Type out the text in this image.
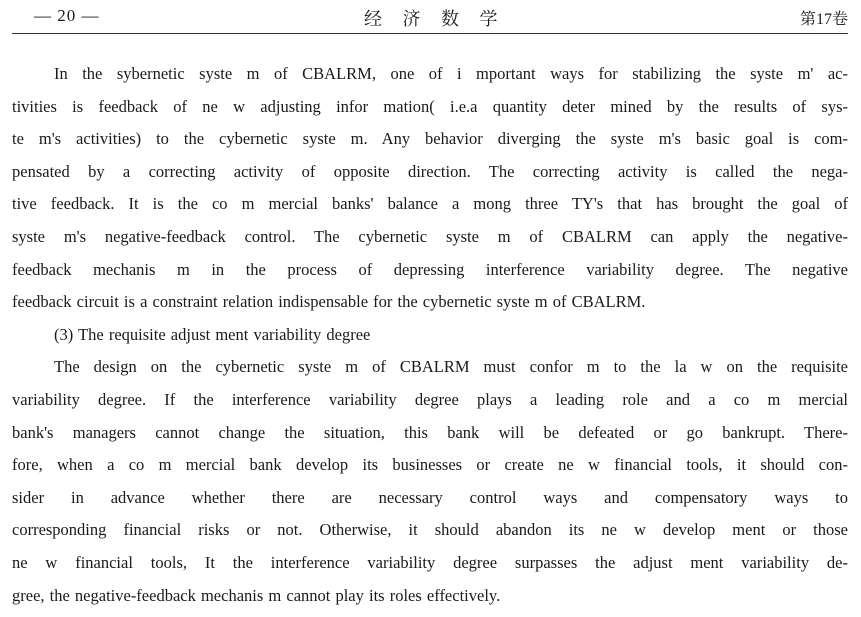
— 20 —	经 济 数 学	第17卷
In the sybernetic syste m of CBALRM, one of i mportant ways for stabilizing the syste m' ac-
tivities is feedback of ne w adjusting infor mation( i.e.a quantity deter mined by the results of sys-
te m's activities) to the cybernetic syste m. Any behavior diverging the syste m's basic goal is com-
pensated by a correcting activity of opposite direction. The correcting activity is called the nega-
tive feedback. It is the co m mercial banks' balance a mong three TY's that has brought the goal of
syste m's negative-feedback control. The cybernetic syste m of CBALRM can apply the negative-
feedback mechanis m in the process of depressing interference variability degree. The negative
feedback circuit is a constraint relation indispensable for the cybernetic syste m of CBALRM.
(3) The requisite adjust ment variability degree
The design on the cybernetic syste m of CBALRM must confor m to the la w on the requisite
variability degree. If the interference variability degree plays a leading role and a co m mercial
bank's managers cannot change the situation, this bank will be defeated or go bankrupt. There-
fore, when a co m mercial bank develop its businesses or create ne w financial tools, it should con-
sider in advance whether there are necessary control ways and compensatory ways to
corresponding financial risks or not. Otherwise, it should abandon its ne w develop ment or those
ne w financial tools, It the interference variability degree surpasses the adjust ment variability de-
gree, the negative-feedback mechanis m cannot play its roles effectively.
